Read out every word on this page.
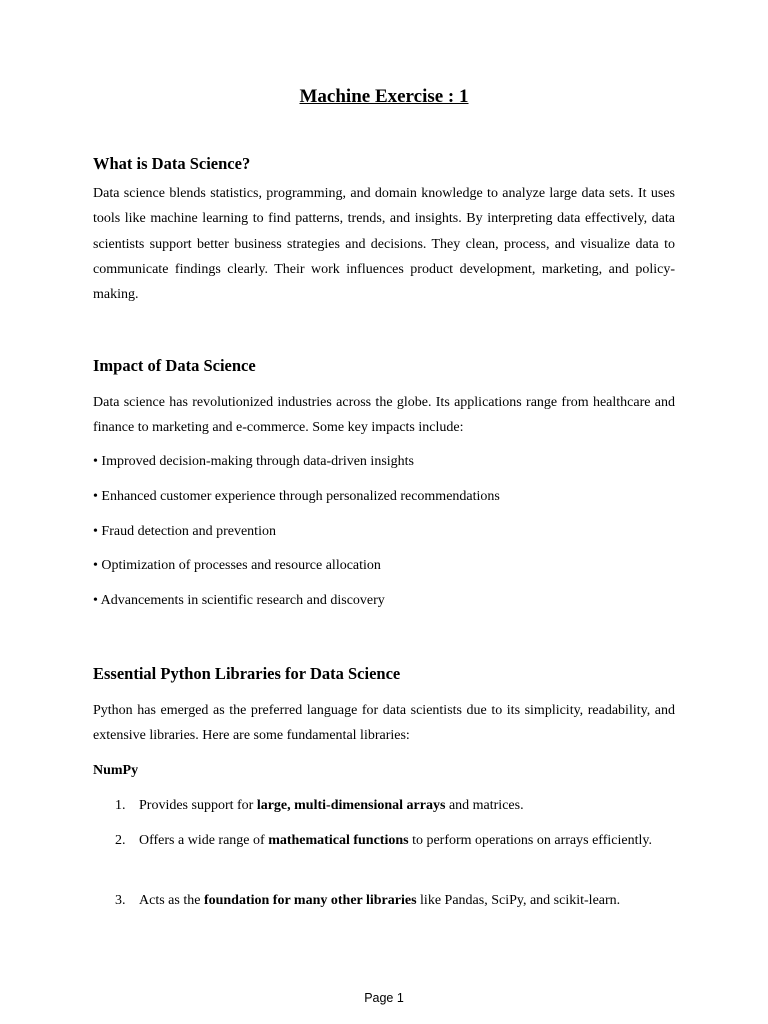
Machine Exercise : 1
What is Data Science?

Data science blends statistics, programming, and domain knowledge to analyze large data sets. It uses tools like machine learning to find patterns, trends, and insights. By interpreting data effectively, data scientists support better business strategies and decisions. They clean, process, and visualize data to communicate findings clearly. Their work influences product development, marketing, and policy-making.

Impact of Data Science

Data science has revolutionized industries across the globe. Its applications range from healthcare and finance to marketing and e-commerce. Some key impacts include:

• Improved decision-making through data-driven insights

• Enhanced customer experience through personalized recommendations

• Fraud detection and prevention

• Optimization of processes and resource allocation

• Advancements in scientific research and discovery

Essential Python Libraries for Data Science

Python has emerged as the preferred language for data scientists due to its simplicity, readability, and extensive libraries. Here are some fundamental libraries:

NumPy

1. Provides support for large, multi-dimensional arrays and matrices.
2. Offers a wide range of mathematical functions to perform operations on arrays efficiently.
3. Acts as the foundation for many other libraries like Pandas, SciPy, and scikit-learn.
Page 1
